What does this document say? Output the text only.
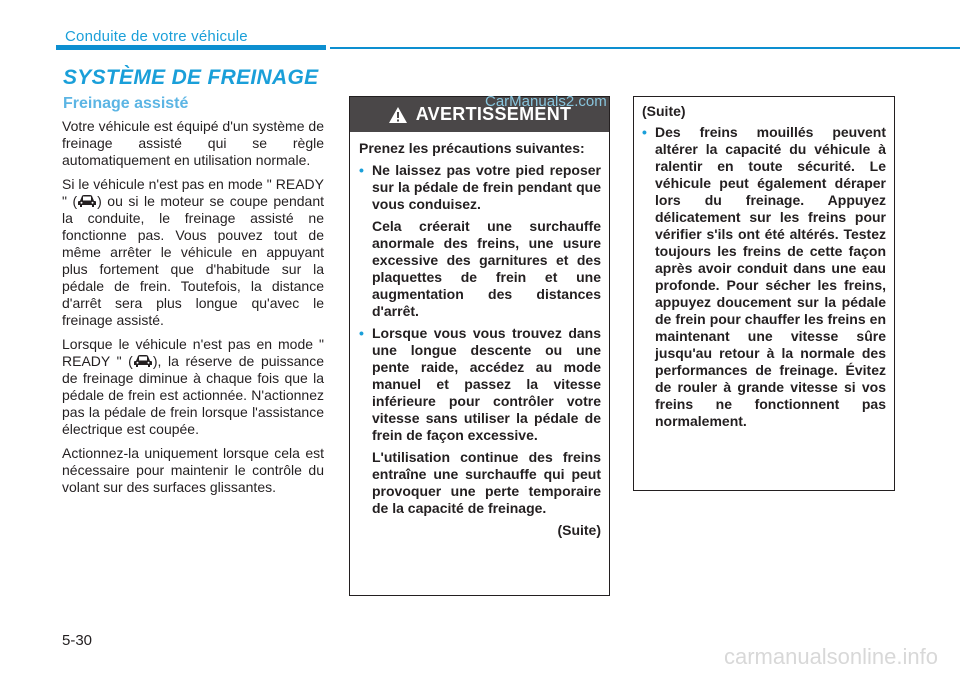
Conduite de votre véhicule
SYSTÈME DE FREINAGE
Freinage assisté

Votre véhicule est équipé d'un système de freinage assisté qui se règle automatiquement en utilisation normale.

Si le véhicule n'est pas en mode " READY " ( ) ou si le moteur se coupe pendant la conduite, le freinage assisté ne fonctionne pas. Vous pouvez tout de même arrêter le véhicule en appuyant plus fortement que d'habitude sur la pédale de frein. Toutefois, la distance d'arrêt sera plus longue qu'avec le freinage assisté.

Lorsque le véhicule n'est pas en mode " READY " ( ), la réserve de puissance de freinage diminue à chaque fois que la pédale de frein est actionnée. N'actionnez pas la pédale de frein lorsque l'assistance électrique est coupée.

Actionnez-la uniquement lorsque cela est nécessaire pour maintenir le contrôle du volant sur des surfaces glissantes.

AVERTISSEMENT

Prenez les précautions suivantes:

• Ne laissez pas votre pied reposer sur la pédale de frein pendant que vous conduisez.

Cela créerait une surchauffe anormale des freins, une usure excessive des garnitures et des plaquettes de frein et une augmentation des distances d'arrêt.

• Lorsque vous vous trouvez dans une longue descente ou une pente raide, accédez au mode manuel et passez la vitesse inférieure pour contrôler votre vitesse sans utiliser la pédale de frein de façon excessive.

L'utilisation continue des freins entraîne une surchauffe qui peut provoquer une perte temporaire de la capacité de freinage.

(Suite)

(Suite)

• Des freins mouillés peuvent altérer la capacité du véhicule à ralentir en toute sécurité. Le véhicule peut également déraper lors du freinage. Appuyez délicatement sur les freins pour vérifier s'ils ont été altérés. Testez toujours les freins de cette façon après avoir conduit dans une eau profonde. Pour sécher les freins, appuyez doucement sur la pédale de frein pour chauffer les freins en maintenant une vitesse sûre jusqu'au retour à la normale des performances de freinage. Évitez de rouler à grande vitesse si vos freins ne fonctionnent pas normalement.
CarManuals2.com
5-30
carmanualsonline.info
